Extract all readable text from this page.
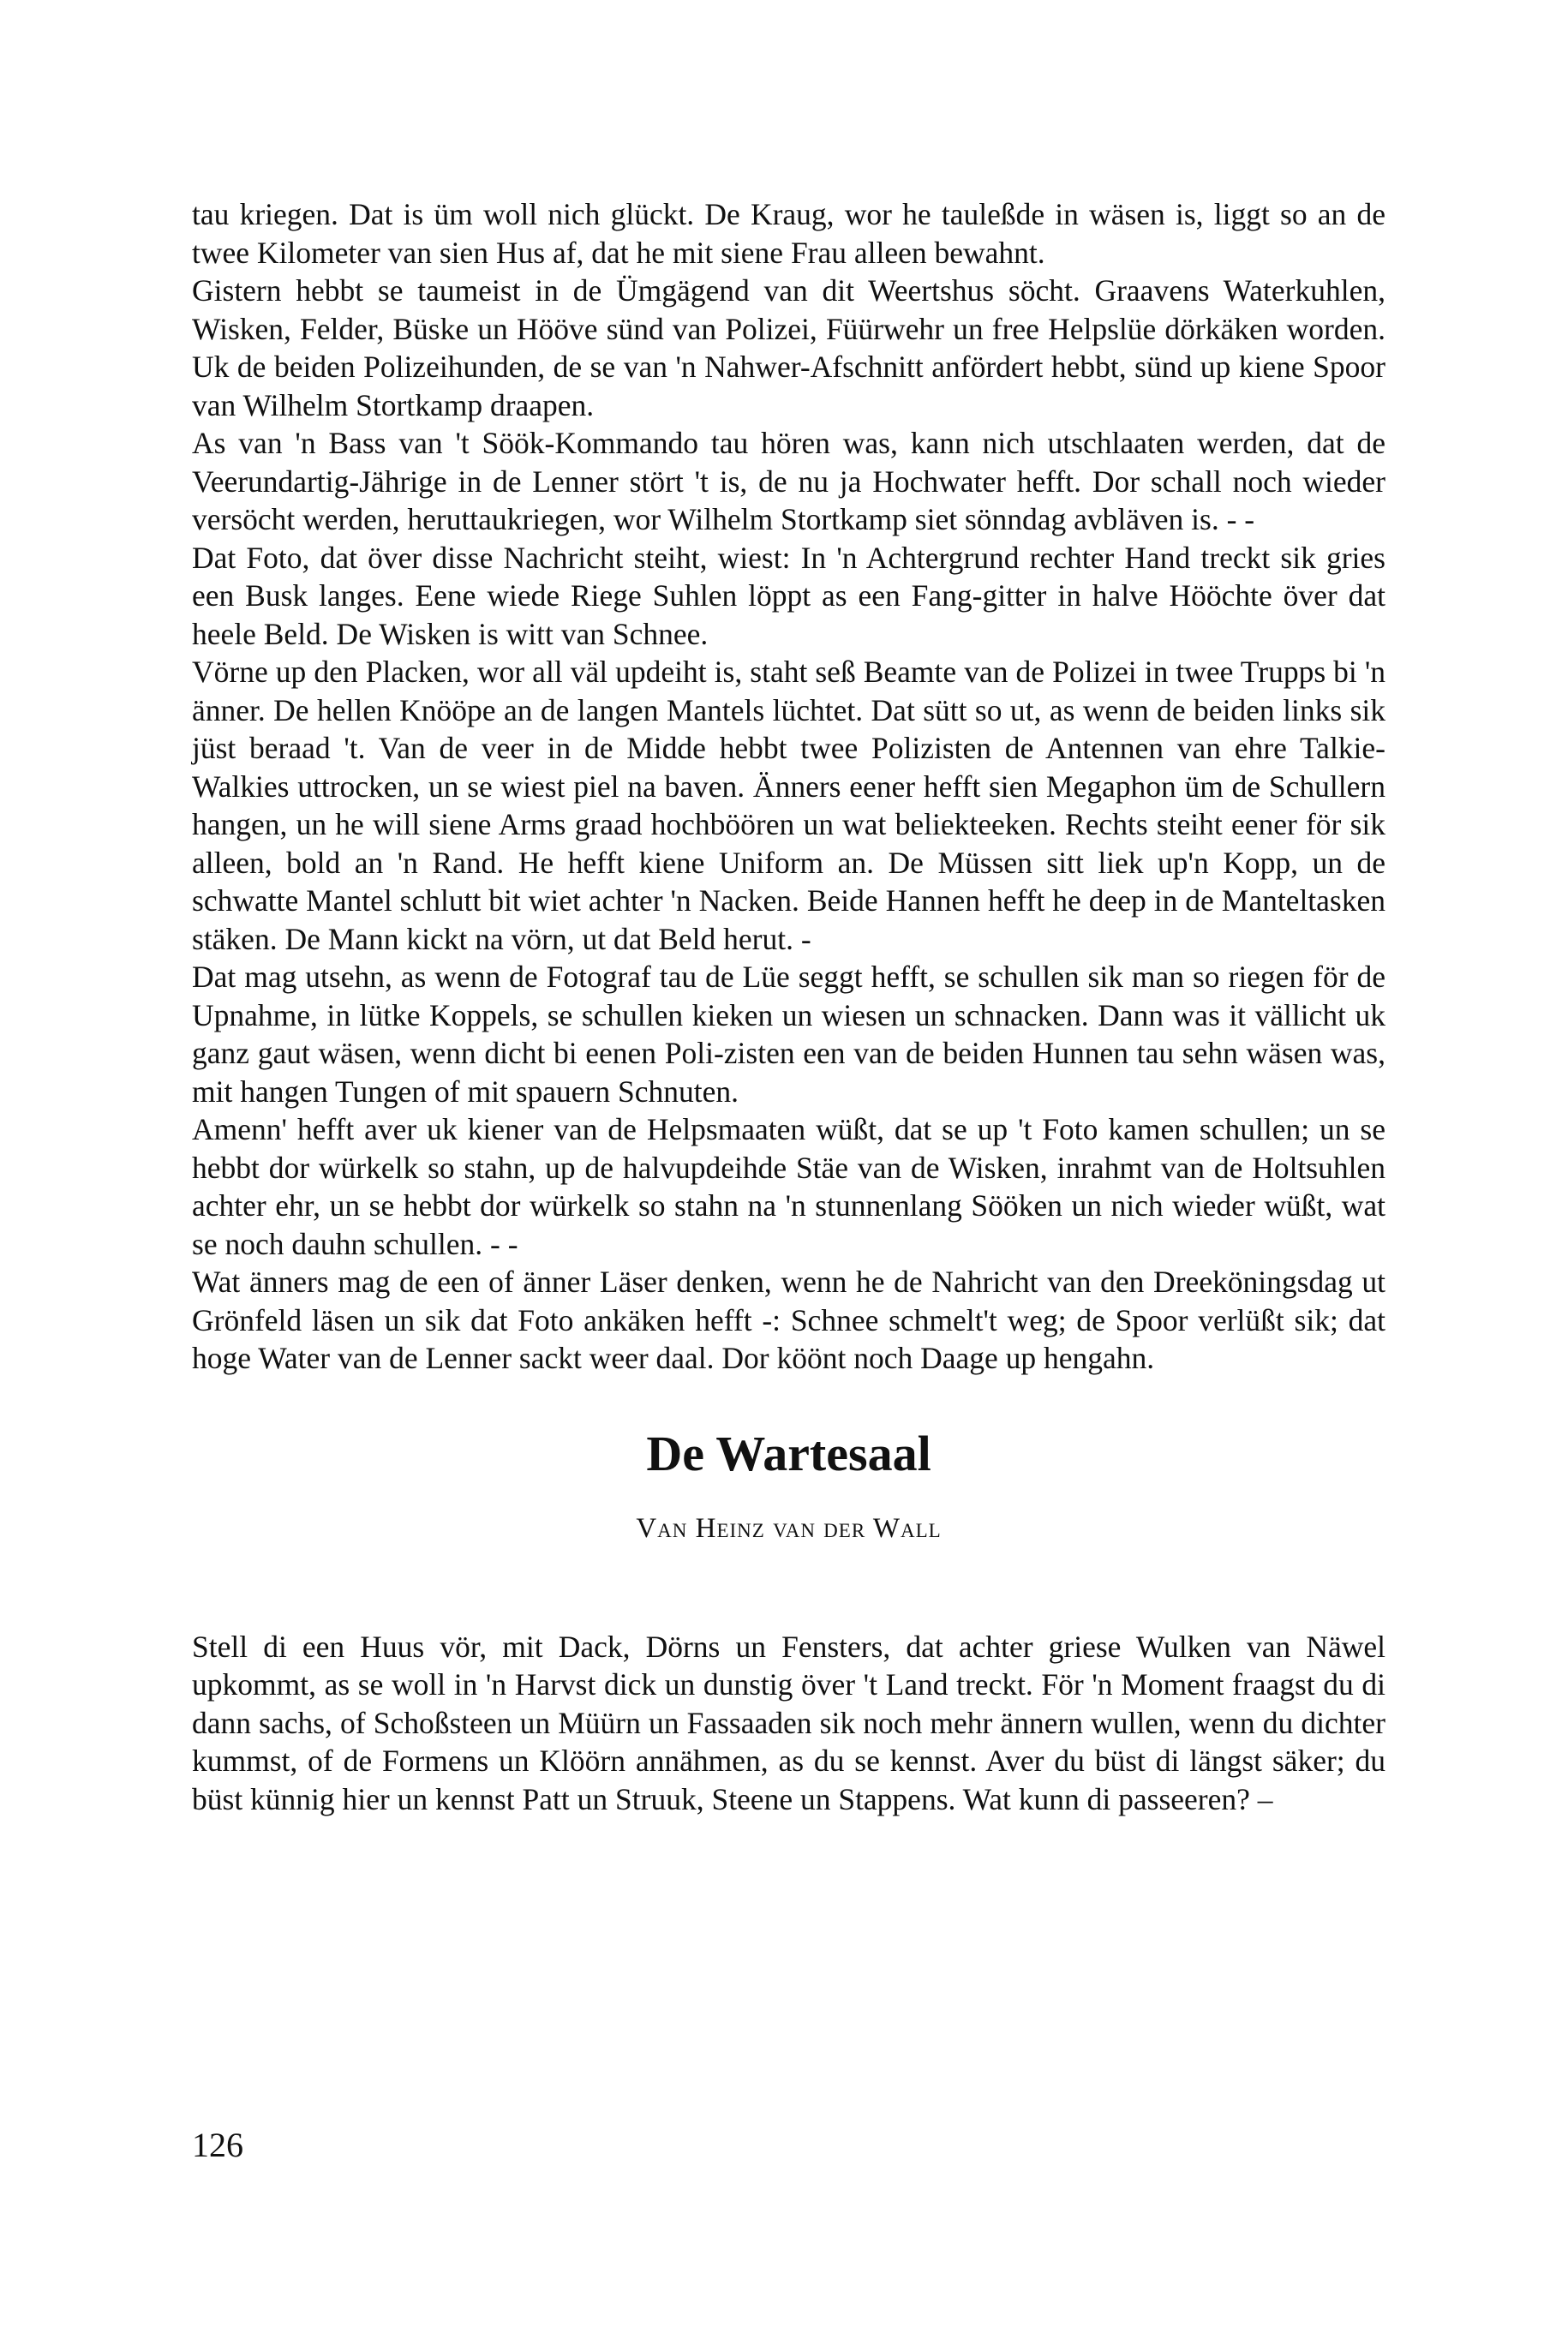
tau kriegen. Dat is üm woll nich glückt. De Kraug, wor he tauleßde in wäsen is, liggt so an de twee Kilometer van sien Hus af, dat he mit siene Frau alleen bewahnt.

Gistern hebbt se taumeist in de Ümgägend van dit Weertshus söcht. Graavens Waterkuhlen, Wisken, Felder, Büske un Hööve sünd van Polizei, Füürwehr un free Helpslüe dörkäken worden. Uk de beiden Polizeihunden, de se van 'n Nahwer-Afschnitt anfördert hebbt, sünd up kiene Spoor van Wilhelm Stortkamp draapen.

As van 'n Bass van 't Söök-Kommando tau hören was, kann nich utschlaaten werden, dat de Veerundartig-Jährige in de Lenner stört 't is, de nu ja Hochwater hefft. Dor schall noch wieder versöcht werden, heruttaukriegen, wor Wilhelm Stortkamp siet sönndag avbläven is. - -

Dat Foto, dat över disse Nachricht steiht, wiest: In 'n Achtergrund rechter Hand treckt sik gries een Busk langes. Eene wiede Riege Suhlen löppt as een Fang-gitter in halve Hööchte över dat heele Beld. De Wisken is witt van Schnee.

Vörne up den Placken, wor all väl updeiht is, staht seß Beamte van de Polizei in twee Trupps bi 'n änner. De hellen Knööpe an de langen Mantels lüchtet. Dat sütt so ut, as wenn de beiden links sik jüst beraad 't. Van de veer in de Midde hebbt twee Polizisten de Antennen van ehre Talkie-Walkies uttrocken, un se wiest piel na baven. Änners eener hefft sien Megaphon üm de Schullern hangen, un he will siene Arms graad hochböören un wat beliekteeken. Rechts steiht eener för sik alleen, bold an 'n Rand. He hefft kiene Uniform an. De Müssen sitt liek up'n Kopp, un de schwatte Mantel schlutt bit wiet achter 'n Nacken. Beide Hannen hefft he deep in de Manteltasken stäken. De Mann kickt na vörn, ut dat Beld herut. -

Dat mag utsehn, as wenn de Fotograf tau de Lüe seggt hefft, se schullen sik man so riegen för de Upnahme, in lütke Koppels, se schullen kieken un wiesen un schnacken. Dann was it vällicht uk ganz gaut wäsen, wenn dicht bi eenen Poli-zisten een van de beiden Hunnen tau sehn wäsen was, mit hangen Tungen of mit spauern Schnuten.

Amenn' hefft aver uk kiener van de Helpsmaaten wüßt, dat se up 't Foto kamen schullen; un se hebbt dor würkelk so stahn, up de halvupdeihde Stäe van de Wisken, inrahmt van de Holtsuhlen achter ehr, un se hebbt dor würkelk so stahn na 'n stunnenlang Sööken un nich wieder wüßt, wat se noch dauhn schullen. - -

Wat änners mag de een of änner Läser denken, wenn he de Nahricht van den Dreeköningsdag ut Grönfeld läsen un sik dat Foto ankäken hefft -: Schnee schmelt't weg; de Spoor verlüßt sik; dat hoge Water van de Lenner sackt weer daal. Dor köönt noch Daage up hengahn.

De Wartesaal
Van Heinz van der Wall

Stell di een Huus vör, mit Dack, Dörns un Fensters, dat achter griese Wulken van Näwel upkommt, as se woll in 'n Harvst dick un dunstig över 't Land treckt. För 'n Moment fraagst du di dann sachs, of Schoßsteen un Müürn un Fassaaden sik noch mehr ännern wullen, wenn du dichter kummst, of de Formens un Klöörn annähmen, as du se kennst. Aver du büst di längst säker; du büst künnig hier un kennst Patt un Struuk, Steene un Stappens. Wat kunn di passeeren? –

126
